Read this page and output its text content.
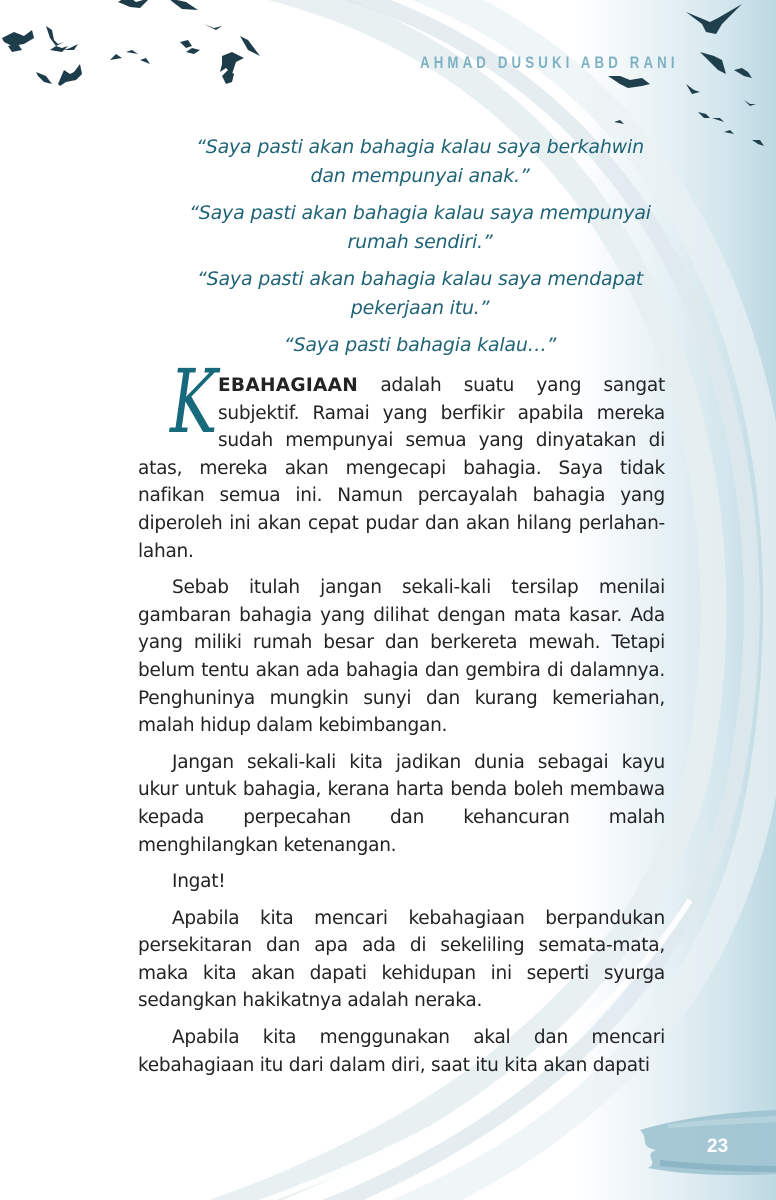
AHMAD DUSUKI ABD RANI
“Saya pasti akan bahagia kalau saya berkahwin
dan mempunyai anak.”
“Saya pasti akan bahagia kalau saya mempunyai
rumah sendiri.”
“Saya pasti akan bahagia kalau saya mendapat
pekerjaan itu.”
“Saya pasti bahagia kalau…”

K EBAHAGIAAN adalah suatu yang sangat subjektif. Ramai yang berfikir apabila mereka sudah mempunyai semua yang dinyatakan di atas, mereka akan mengecapi bahagia. Saya tidak nafikan semua ini. Namun percayalah bahagia yang diperoleh ini akan cepat pudar dan akan hilang perlahan-lahan.

Sebab itulah jangan sekali-kali tersilap menilai gambaran bahagia yang dilihat dengan mata kasar. Ada yang miliki rumah besar dan berkereta mewah. Tetapi belum tentu akan ada bahagia dan gembira di dalamnya. Penghuninya mungkin sunyi dan kurang kemeriahan, malah hidup dalam kebimbangan.

Jangan sekali-kali kita jadikan dunia sebagai kayu ukur untuk bahagia, kerana harta benda boleh membawa kepada perpecahan dan kehancuran malah menghilangkan ketenangan.

Ingat!

Apabila kita mencari kebahagiaan berpandukan persekitaran dan apa ada di sekeliling semata-mata, maka kita akan dapati kehidupan ini seperti syurga sedangkan hakikatnya adalah neraka.

Apabila kita menggunakan akal dan mencari kebahagiaan itu dari dalam diri, saat itu kita akan dapati

23
